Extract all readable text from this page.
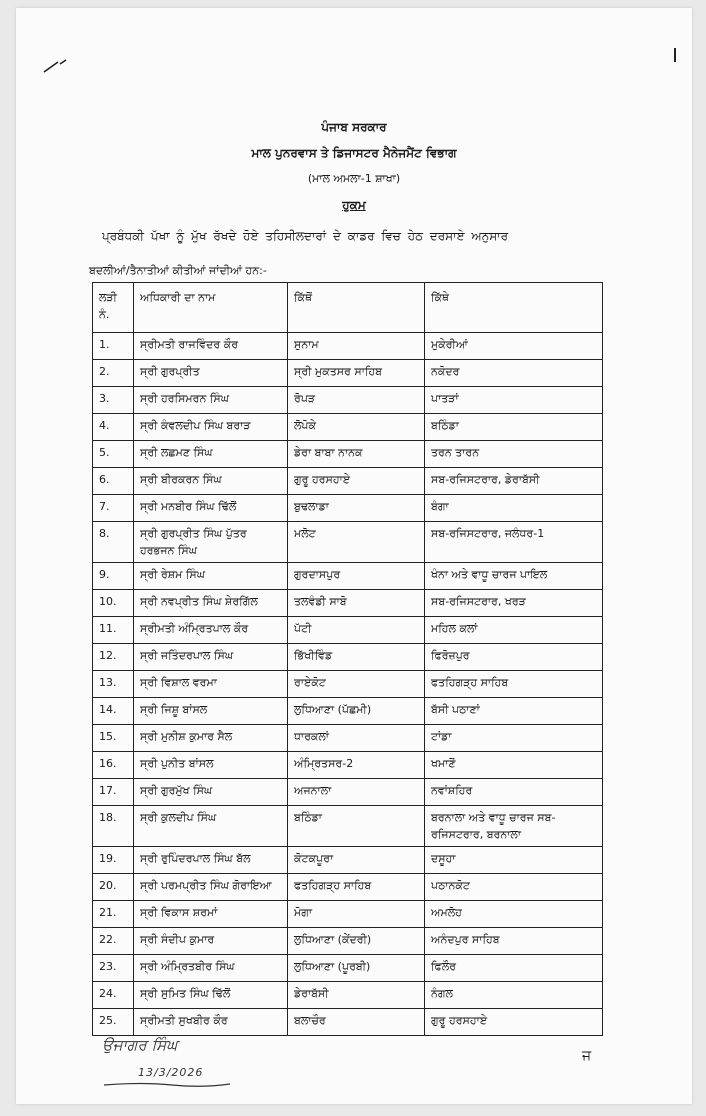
ਪੰਜਾਬ ਸਰਕਾਰ
ਮਾਲ ਪੁਨਰਵਾਸ ਤੇ ਡਿਜਾਸਟਰ ਮੈਨੇਜਮੈਂਟ ਵਿਭਾਗ
(ਮਾਲ ਅਮਲਾ-1 ਸ਼ਾਖਾ)
ਹੁਕਮ
ਪ੍ਰਬੰਧਕੀ ਪੱਖਾ ਨੂੰ ਮੁੱਖ ਰੱਖਦੇ ਹੋਏ ਤਹਿਸੀਲਦਾਰਾਂ ਦੇ ਕਾਡਰ ਵਿਚ ਹੇਠ ਦਰਸਾਏ ਅਨੁਸਾਰ
ਬਦਲੀਆਂ/ਤੈਨਾਤੀਆਂ ਕੀਤੀਆਂ ਜਾਂਦੀਆਂ ਹਨ:-
ਲੜੀ ਨੰ.	ਅਧਿਕਾਰੀ ਦਾ ਨਾਮ	ਕਿੱਥੋਂ	ਕਿੱਥੇ
1.	ਸ੍ਰੀਮਤੀ ਰਾਜਵਿੰਦਰ ਕੌਰ	ਸੁਨਾਮ	ਮੁਕੇਰੀਆਂ
2.	ਸ੍ਰੀ ਗੁਰਪ੍ਰੀਤ	ਸ੍ਰੀ ਮੁਕਤਸਰ ਸਾਹਿਬ	ਨਕੋਦਰ
3.	ਸ੍ਰੀ ਹਰਸਿਮਰਨ ਸਿੰਘ	ਰੋਪੜ	ਪਾਤੜਾਂ
4.	ਸ੍ਰੀ ਕੰਵਲਦੀਪ ਸਿੰਘ ਬਰਾੜ	ਲੋਪੋਕੇ	ਬਠਿੰਡਾ
5.	ਸ੍ਰੀ ਲਛਮਣ ਸਿੰਘ	ਡੇਰਾ ਬਾਬਾ ਨਾਨਕ	ਤਰਨ ਤਾਰਨ
6.	ਸ੍ਰੀ ਬੀਰਕਰਨ ਸਿੰਘ	ਗੁਰੂ ਹਰਸਹਾਏ	ਸਬ-ਰਜਿਸਟਰਾਰ, ਡੇਰਾਬੱਸੀ
7.	ਸ੍ਰੀ ਮਨਬੀਰ ਸਿੰਘ ਢਿੱਲੋਂ	ਬੁਢਲਾਡਾ	ਬੰਗਾ
8.	ਸ੍ਰੀ ਗੁਰਪ੍ਰੀਤ ਸਿੰਘ ਪੁੱਤਰ ਹਰਭਜਨ ਸਿੰਘ	ਮਲੋਟ	ਸਬ-ਰਜਿਸਟਰਾਰ, ਜਲੰਧਰ-1
9.	ਸ੍ਰੀ ਰੇਸ਼ਮ ਸਿੰਘ	ਗੁਰਦਾਸਪੁਰ	ਖੰਨਾ ਅਤੇ ਵਾਧੂ ਚਾਰਜ ਪਾਇਲ
10.	ਸ੍ਰੀ ਨਵਪ੍ਰੀਤ ਸਿੰਘ ਸ਼ੇਰਗਿੱਲ	ਤਲਵੰਡੀ ਸਾਬੋ	ਸਬ-ਰਜਿਸਟਰਾਰ, ਖਰੜ
11.	ਸ੍ਰੀਮਤੀ ਅੰਮ੍ਰਿਤਪਾਲ ਕੌਰ	ਪੱਟੀ	ਮਹਿਲ ਕਲਾਂ
12.	ਸ੍ਰੀ ਜਤਿੰਦਰਪਾਲ ਸਿੰਘ	ਭਿੱਖੀਵਿੰਡ	ਫਿਰੋਜ਼ਪੁਰ
13.	ਸ੍ਰੀ ਵਿਸ਼ਾਲ ਵਰਮਾ	ਰਾਏਕੋਟ	ਫਤਹਿਗੜ੍ਹ ਸਾਹਿਬ
14.	ਸ੍ਰੀ ਜਿਸ਼ੂ ਬਾਂਸਲ	ਲੁਧਿਆਣਾ (ਪੱਛਮੀ)	ਬੱਸੀ ਪਠਾਣਾਂ
15.	ਸ੍ਰੀ ਮੁਨੀਸ਼ ਕੁਮਾਰ ਸੈਲ	ਧਾਰਕਲਾਂ	ਟਾਂਡਾ
16.	ਸ੍ਰੀ ਪੁਨੀਤ ਬਾਂਸਲ	ਅੰਮ੍ਰਿਤਸਰ-2	ਖਮਾਣੋਂ
17.	ਸ੍ਰੀ ਗੁਰਮੁੱਖ ਸਿੰਘ	ਅਜਨਾਲਾ	ਨਵਾਂਸ਼ਹਿਰ
18.	ਸ੍ਰੀ ਕੁਲਦੀਪ ਸਿੰਘ	ਬਠਿੰਡਾ	ਬਰਨਾਲਾ ਅਤੇ ਵਾਧੂ ਚਾਰਜ ਸਬ-ਰਜਿਸਟਰਾਰ, ਬਰਨਾਲਾ
19.	ਸ੍ਰੀ ਰੁਪਿੰਦਰਪਾਲ ਸਿੰਘ ਬੱਲ	ਕੋਟਕਪੂਰਾ	ਦਸੂਹਾ
20.	ਸ੍ਰੀ ਪਰਮਪ੍ਰੀਤ ਸਿੰਘ ਗੋਰਾਇਆ	ਫਤਹਿਗੜ੍ਹ ਸਾਹਿਬ	ਪਠਾਨਕੋਟ
21.	ਸ੍ਰੀ ਵਿਕਾਸ ਸ਼ਰਮਾਂ	ਮੋਗਾ	ਅਮਲੋਹ
22.	ਸ੍ਰੀ ਸੰਦੀਪ ਕੁਮਾਰ	ਲੁਧਿਆਣਾ (ਕੇਂਦਰੀ)	ਅਨੰਦਪੁਰ ਸਾਹਿਬ
23.	ਸ੍ਰੀ ਅੰਮ੍ਰਿਤਬੀਰ ਸਿੰਘ	ਲੁਧਿਆਣਾ (ਪੂਰਬੀ)	ਫਿਲੌਰ
24.	ਸ੍ਰੀ ਸੁਮਿਤ ਸਿੰਘ ਢਿੱਲੋਂ	ਡੇਰਾਬੱਸੀ	ਨੰਗਲ
25.	ਸ੍ਰੀਮਤੀ ਸੁਖਬੀਰ ਕੌਰ	ਬਲਾਚੌਰ	ਗੁਰੂ ਹਰਸਹਾਏ
ਉਜਾਗਰ ਸਿੰਘ
13/3/2026
ਜ
